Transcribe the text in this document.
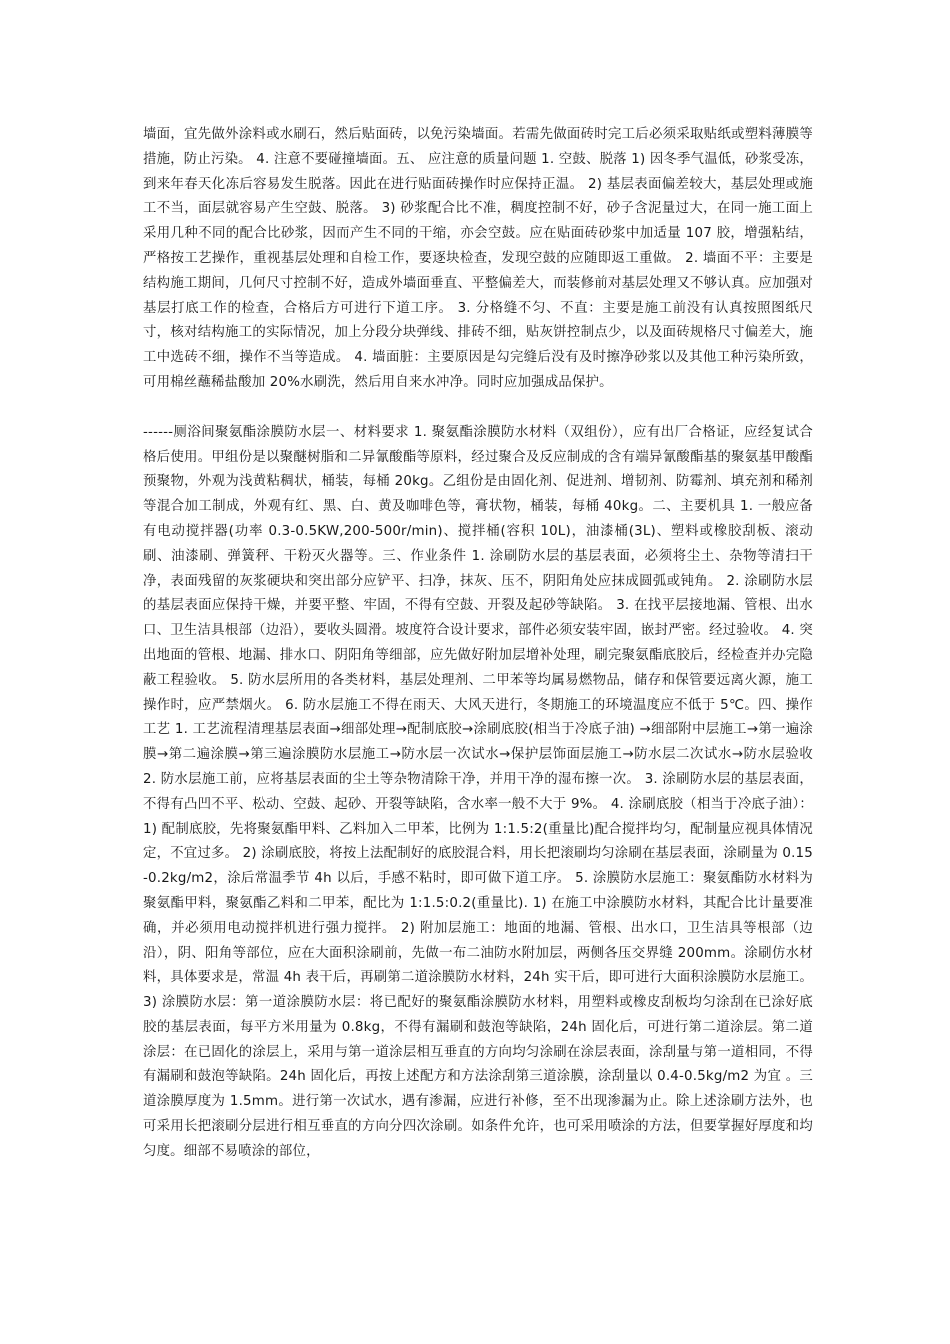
墙面，宜先做外涂料或水刷石，然后贴面砖，以免污染墙面。若需先做面砖时完工后必须采取贴纸或塑料薄膜等措施，防止污染。 4. 注意不要碰撞墙面。五、 应注意的质量问题 1. 空鼓、脱落 1) 因冬季气温低，砂浆受冻，到来年春天化冻后容易发生脱落。因此在进行贴面砖操作时应保持正温。 2) 基层表面偏差较大，基层处理或施工不当，面层就容易产生空鼓、脱落。 3) 砂浆配合比不准，稠度控制不好，砂子含泥量过大，在同一施工面上采用几种不同的配合比砂浆，因而产生不同的干缩，亦会空鼓。应在贴面砖砂浆中加适量 107 胶，增强粘结，严格按工艺操作，重视基层处理和自检工作，要逐块检查，发现空鼓的应随即返工重做。 2. 墙面不平：主要是结构施工期间，几何尺寸控制不好，造成外墙面垂直、平整偏差大，而装修前对基层处理又不够认真。应加强对基层打底工作的检查，合格后方可进行下道工序。 3. 分格缝不匀、不直：主要是施工前没有认真按照图纸尺寸，核对结构施工的实际情况，加上分段分块弹线、排砖不细，贴灰饼控制点少，以及面砖规格尺寸偏差大，施工中选砖不细，操作不当等造成。 4. 墙面脏：主要原因是勾完缝后没有及时擦净砂浆以及其他工种污染所致，可用棉丝蘸稀盐酸加 20%水刷洗，然后用自来水冲净。同时应加强成品保护。

------厕浴间聚氨酯涂膜防水层一、材料要求 1. 聚氨酯涂膜防水材料（双组份），应有出厂合格证，应经复试合格后使用。甲组份是以聚醚树脂和二异氰酸酯等原料，经过聚合及反应制成的含有端异氰酸酯基的聚氨基甲酸酯预聚物，外观为浅黄粘稠状，桶装，每桶 20kg。乙组份是由固化剂、促进剂、增韧剂、防霉剂、填充剂和稀剂等混合加工制成，外观有红、黑、白、黄及咖啡色等，膏状物，桶装，每桶 40kg。二、主要机具 1. 一般应备有电动搅拌器(功率 0.3-0.5KW,200-500r/min)、搅拌桶(容积 10L)，油漆桶(3L)、塑料或橡胶刮板、滚动刷、油漆刷、弹簧秤、干粉灭火器等。三、作业条件 1. 涂刷防水层的基层表面，必须将尘土、杂物等清扫干净，表面残留的灰浆硬块和突出部分应铲平、扫净，抹灰、压不，阴阳角处应抹成圆弧或钝角。 2. 涂刷防水层的基层表面应保持干燥，并要平整、牢固，不得有空鼓、开裂及起砂等缺陷。 3. 在找平层接地漏、管根、出水口、卫生洁具根部（边沿），要收头圆滑。坡度符合设计要求，部件必须安装牢固，嵌封严密。经过验收。 4. 突出地面的管根、地漏、排水口、阴阳角等细部，应先做好附加层增补处理，刷完聚氨酯底胶后，经检查并办完隐蔽工程验收。 5. 防水层所用的各类材料，基层处理剂、二甲苯等均属易燃物品，储存和保管要远离火源，施工操作时，应严禁烟火。 6. 防水层施工不得在雨天、大风天进行，冬期施工的环境温度应不低于 5℃。四、操作工艺 1. 工艺流程清理基层表面→细部处理→配制底胶→涂刷底胶(相当于冷底子油) →细部附中层施工→第一遍涂膜→第二遍涂膜→第三遍涂膜防水层施工→防水层一次试水→保护层饰面层施工→防水层二次试水→防水层验收 2. 防水层施工前，应将基层表面的尘土等杂物清除干净，并用干净的湿布擦一次。 3. 涂刷防水层的基层表面，不得有凸凹不平、松动、空鼓、起砂、开裂等缺陷，含水率一般不大于 9%。 4. 涂刷底胶（相当于冷底子油）： 1) 配制底胶，先将聚氨酯甲料、乙料加入二甲苯，比例为 1:1.5:2(重量比)配合搅拌均匀，配制量应视具体情况定，不宜过多。 2) 涂刷底胶，将按上法配制好的底胶混合料，用长把滚刷均匀涂刷在基层表面，涂刷量为 0.15-0.2kg/m2，涂后常温季节 4h 以后，手感不粘时，即可做下道工序。 5. 涂膜防水层施工：聚氨酯防水材料为聚氨酯甲料，聚氨酯乙料和二甲苯，配比为 1:1.5:0.2(重量比). 1) 在施工中涂膜防水材料，其配合比计量要准确，并必须用电动搅拌机进行强力搅拌。 2) 附加层施工：地面的地漏、管根、出水口，卫生洁具等根部（边沿），阴、阳角等部位，应在大面积涂刷前，先做一布二油防水附加层，两侧各压交界缝 200mm。涂刷仿水材料，具体要求是，常温 4h 表干后，再刷第二道涂膜防水材料，24h 实干后，即可进行大面积涂膜防水层施工。 3) 涂膜防水层：第一道涂膜防水层：将已配好的聚氨酯涂膜防水材料，用塑料或橡皮刮板均匀涂刮在已涂好底胶的基层表面，每平方米用量为 0.8kg，不得有漏刷和鼓泡等缺陷，24h 固化后，可进行第二道涂层。第二道涂层：在已固化的涂层上，采用与第一道涂层相互垂直的方向均匀涂刷在涂层表面，涂刮量与第一道相同，不得有漏刷和鼓泡等缺陷。24h 固化后，再按上述配方和方法涂刮第三道涂膜，涂刮量以 0.4-0.5kg/m2 为宜 。三道涂膜厚度为 1.5mm。进行第一次试水，遇有渗漏，应进行补修，至不出现渗漏为止。除上述涂刷方法外，也可采用长把滚刷分层进行相互垂直的方向分四次涂刷。如条件允许，也可采用喷涂的方法，但要掌握好厚度和均匀度。细部不易喷涂的部位，
